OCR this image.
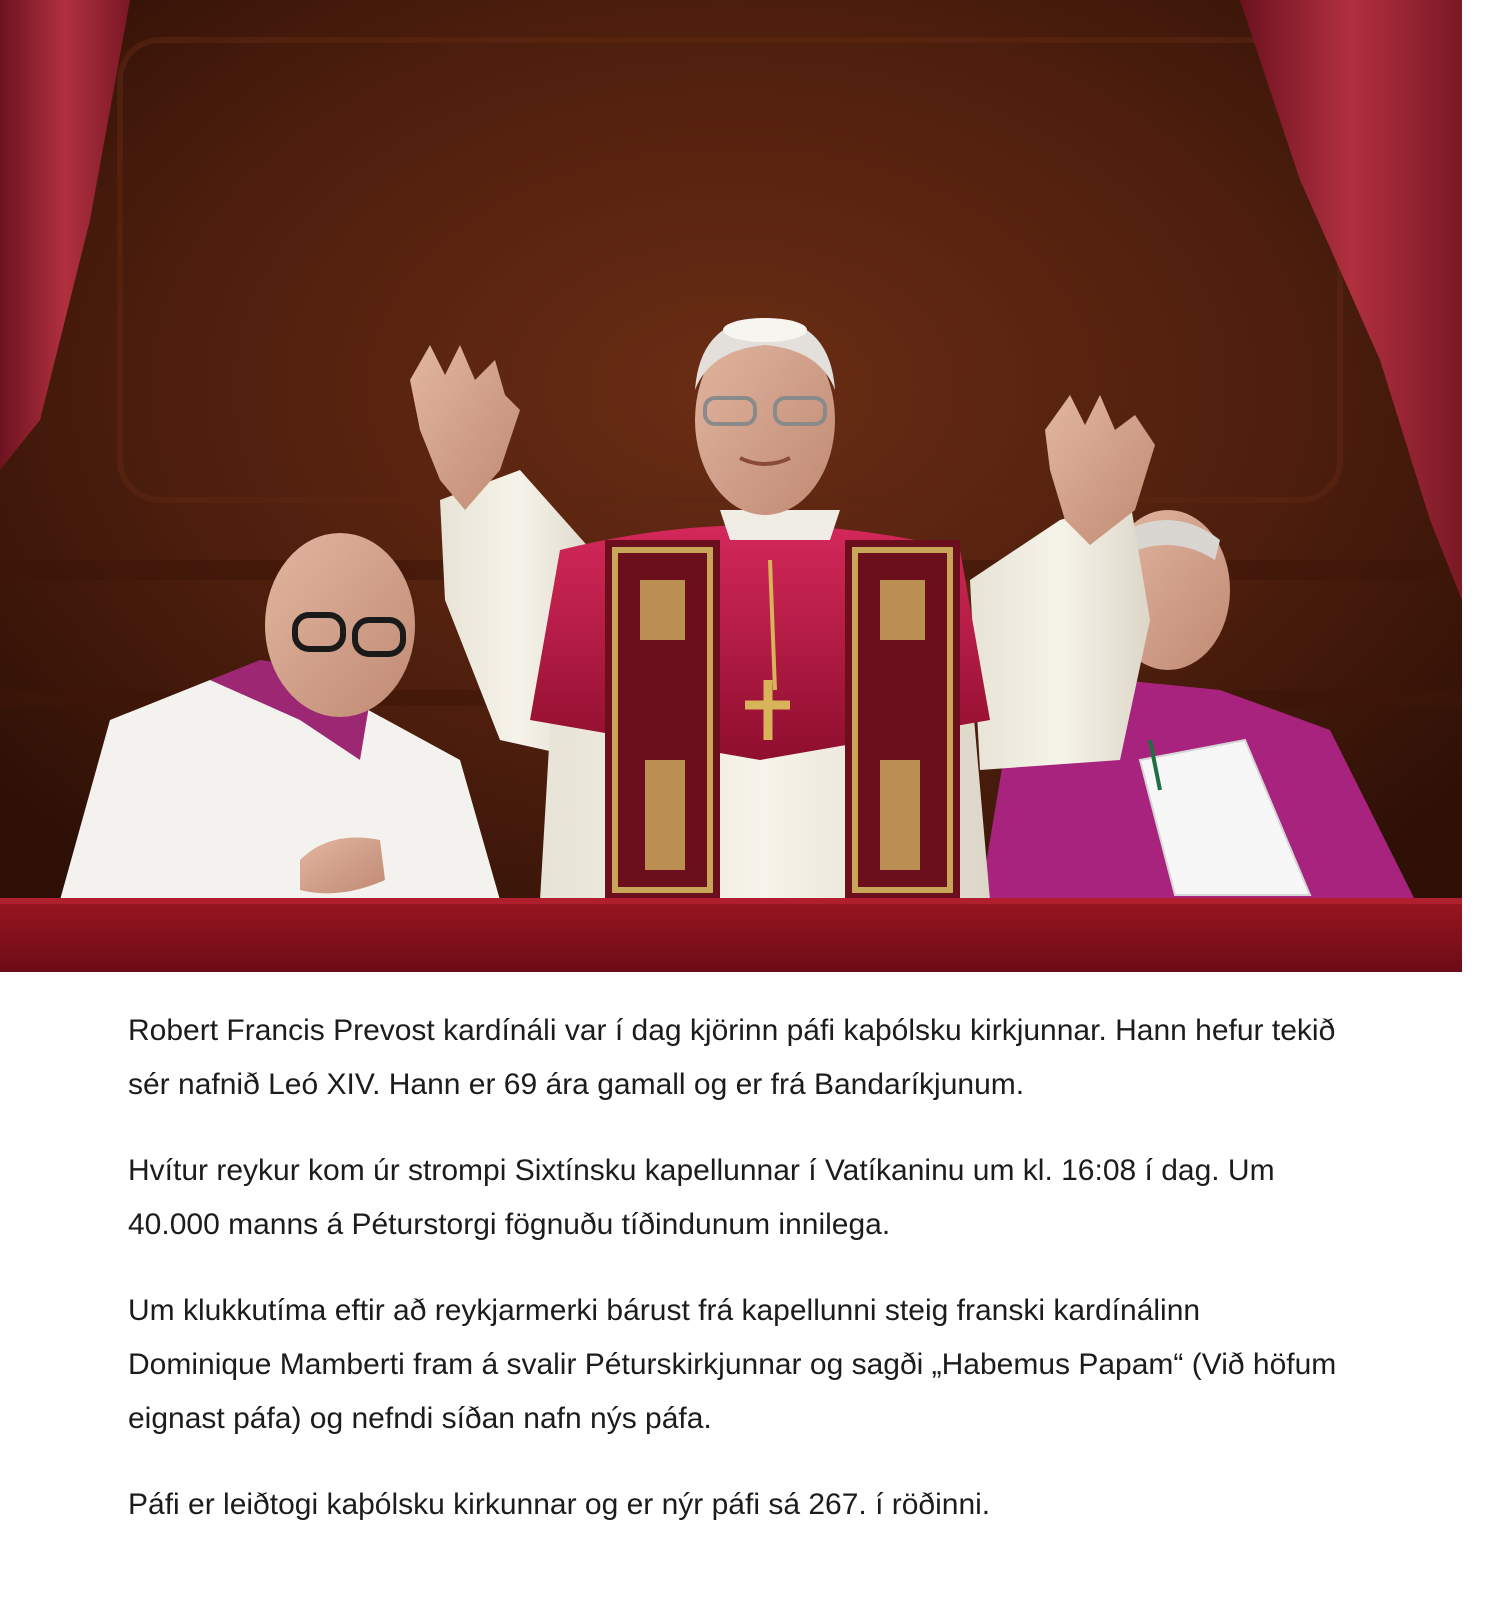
Robert Francis Prevost kardínáli var í dag kjörinn páfi kaþólsku kirkjunnar. Hann hefur tekið sér nafnið Leó XIV. Hann er 69 ára gamall og er frá Bandaríkjunum.

Hvítur reykur kom úr strompi Sixtínsku kapellunnar í Vatíkaninu um kl. 16:08 í dag. Um 40.000 manns á Péturstorgi fögnuðu tíðindunum innilega.

Um klukkutíma eftir að reykjarmerki bárust frá kapellunni steig franski kardínálinn Dominique Mamberti fram á svalir Péturskirkjunnar og sagði „Habemus Papam“ (Við höfum eignast páfa) og nefndi síðan nafn nýs páfa.

Páfi er leiðtogi kaþólsku kirkunnar og er nýr páfi sá 267. í röðinni.
